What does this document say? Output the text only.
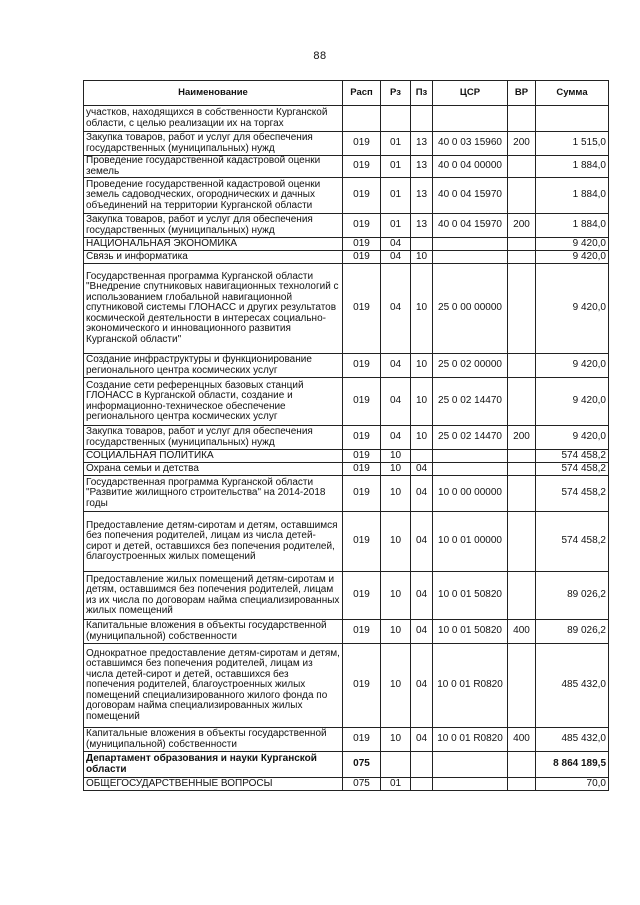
88
Наименование	Расп	Рз	Пз	ЦСР	ВР	Сумма
участков, находящихся в собственности Курганской области, с целью реализации их на торгах						
Закупка товаров, работ и услуг для обеспечения государственных (муниципальных) нужд	019	01	13	40 0 03 15960	200	1 515,0
Проведение государственной кадастровой оценки земель	019	01	13	40 0 04 00000		1 884,0
Проведение государственной кадастровой оценки земель садоводческих, огороднических и дачных объединений на территории Курганской области	019	01	13	40 0 04 15970		1 884,0
Закупка товаров, работ и услуг для обеспечения государственных (муниципальных) нужд	019	01	13	40 0 04 15970	200	1 884,0
НАЦИОНАЛЬНАЯ ЭКОНОМИКА	019	04				9 420,0
Связь и информатика	019	04	10			9 420,0
Государственная программа Курганской области "Внедрение спутниковых навигационных технологий с использованием глобальной навигационной спутниковой системы ГЛОНАСС и других результатов космической деятельности в интересах социально-экономического и инновационного развития Курганской области"	019	04	10	25 0 00 00000		9 420,0
Создание инфраструктуры и функционирование регионального центра космических услуг	019	04	10	25 0 02 00000		9 420,0
Создание сети референцных базовых станций ГЛОНАСС в Курганской области, создание и информационно-техническое обеспечение регионального центра космических услуг	019	04	10	25 0 02 14470		9 420,0
Закупка товаров, работ и услуг для обеспечения государственных (муниципальных) нужд	019	04	10	25 0 02 14470	200	9 420,0
СОЦИАЛЬНАЯ ПОЛИТИКА	019	10				574 458,2
Охрана семьи и детства	019	10	04			574 458,2
Государственная программа Курганской области "Развитие жилищного строительства" на 2014-2018 годы	019	10	04	10 0 00 00000		574 458,2
Предоставление детям-сиротам и детям, оставшимся без попечения родителей, лицам из числа детей-сирот и детей, оставшихся без попечения родителей, благоустроенных жилых помещений	019	10	04	10 0 01 00000		574 458,2
Предоставление жилых помещений детям-сиротам и детям, оставшимся без попечения родителей, лицам из их числа по договорам найма специализированных жилых помещений	019	10	04	10 0 01 50820		89 026,2
Капитальные вложения в объекты государственной (муниципальной) собственности	019	10	04	10 0 01 50820	400	89 026,2
Однократное предоставление детям-сиротам и детям, оставшимся без попечения родителей, лицам из числа детей-сирот и детей, оставшихся без попечения родителей, благоустроенных жилых помещений специализированного жилого фонда по договорам найма специализированных жилых помещений	019	10	04	10 0 01 R0820		485 432,0
Капитальные вложения в объекты государственной (муниципальной) собственности	019	10	04	10 0 01 R0820	400	485 432,0
Департамент образования и науки Курганской области	075					8 864 189,5
ОБЩЕГОСУДАРСТВЕННЫЕ ВОПРОСЫ	075	01				70,0
